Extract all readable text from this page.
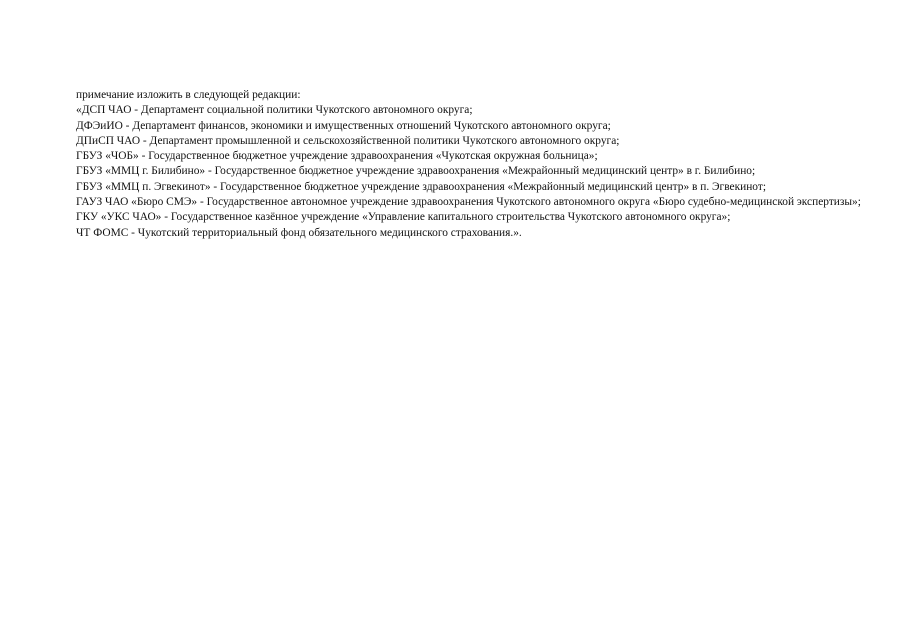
примечание изложить в следующей редакции:

«ДСП ЧАО - Департамент социальной политики Чукотского автономного округа;

ДФЭиИО - Департамент финансов, экономики и имущественных отношений Чукотского автономного округа;

ДПиСП ЧАО - Департамент промышленной и сельскохозяйственной политики Чукотского автономного округа;

ГБУЗ «ЧОБ» - Государственное бюджетное учреждение здравоохранения «Чукотская окружная больница»;

ГБУЗ «ММЦ г. Билибино» - Государственное бюджетное учреждение здравоохранения «Межрайонный медицинский центр» в г. Билибино;

ГБУЗ «ММЦ п. Эгвекинот» - Государственное бюджетное учреждение здравоохранения «Межрайонный медицинский центр» в п. Эгвекинот;

ГАУЗ ЧАО «Бюро СМЭ» - Государственное автономное учреждение здравоохранения Чукотского автономного округа «Бюро судебно-медицинской экспертизы»;

ГКУ «УКС ЧАО» - Государственное казённое учреждение «Управление капитального строительства Чукотского автономного округа»;

ЧТ ФОМС - Чукотский территориальный фонд обязательного медицинского страхования.».
